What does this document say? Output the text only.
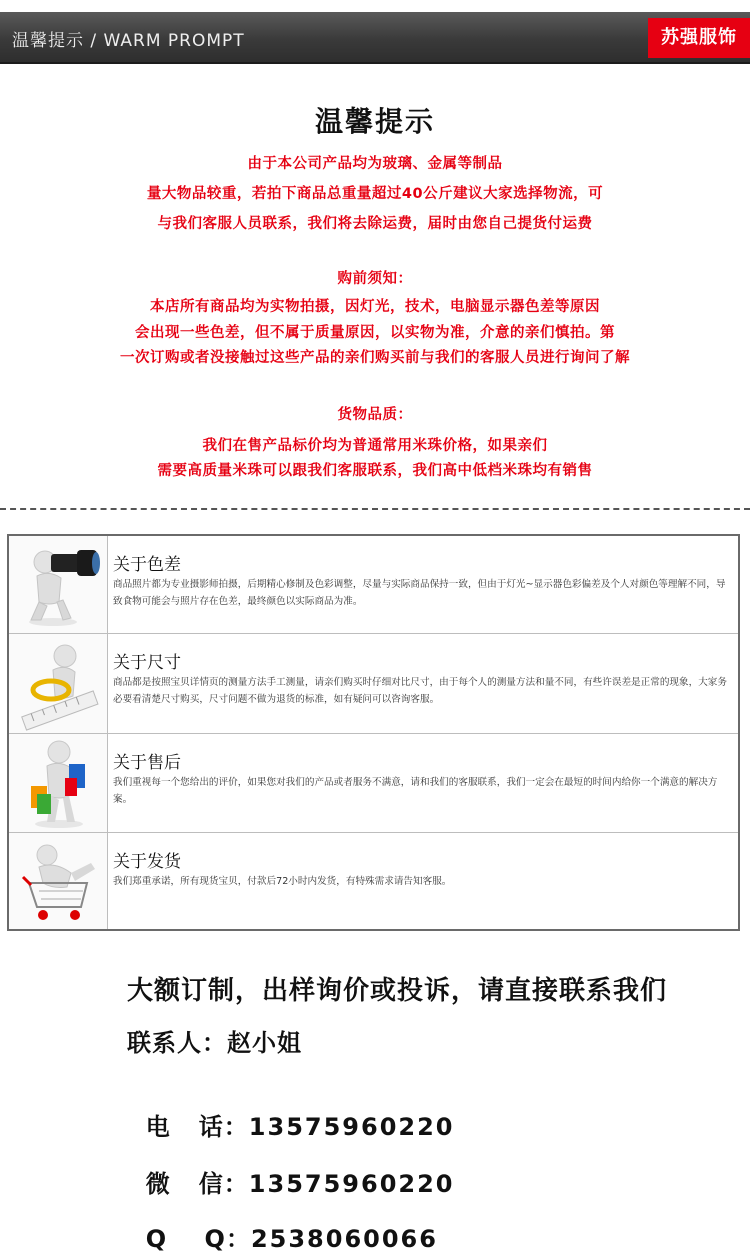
温馨提示 / WARM PROMPT	苏强服饰
温馨提示
由于本公司产品均为玻璃、金属等制品
量大物品较重，若拍下商品总重量超过40公斤建议大家选择物流，可
与我们客服人员联系，我们将去除运费，届时由您自己提货付运费
购前须知：
本店所有商品均为实物拍摄，因灯光，技术，电脑显示器色差等原因
会出现一些色差，但不属于质量原因，以实物为准，介意的亲们慎拍。第
一次订购或者没接触过这些产品的亲们购买前与我们的客服人员进行询问了解
货物品质：
我们在售产品标价均为普通常用米珠价格，如果亲们
需要高质量米珠可以跟我们客服联系，我们高中低档米珠均有销售
关于色差
商品照片都为专业摄影师拍摄，后期精心修制及色彩调整，尽量与实际商品保持一致，但由于灯光~显示器色彩偏差及个人对颜色等理解不同，导致食物可能会与照片存在色差，最终颜色以实际商品为准。
关于尺寸
商品都是按照宝贝详情页的测量方法手工测量，请亲们购买时仔细对比尺寸，由于每个人的测量方法和量不同，有些许误差是正常的现象，大家务必要看清楚尺寸购买，尺寸问题不做为退货的标准，如有疑问可以咨询客服。
关于售后
我们重视每一个您给出的评价，如果您对我们的产品或者服务不满意，请和我们的客服联系，我们一定会在最短的时间内给你一个满意的解决方案。
关于发货
我们郑重承诺，所有现货宝贝，付款后72小时内发货，有特殊需求请告知客服。
大额订制，出样询价或投诉，请直接联系我们
联系人：赵小姐

电   话：13575960220

微   信：13575960220

Q    Q：2538060066
